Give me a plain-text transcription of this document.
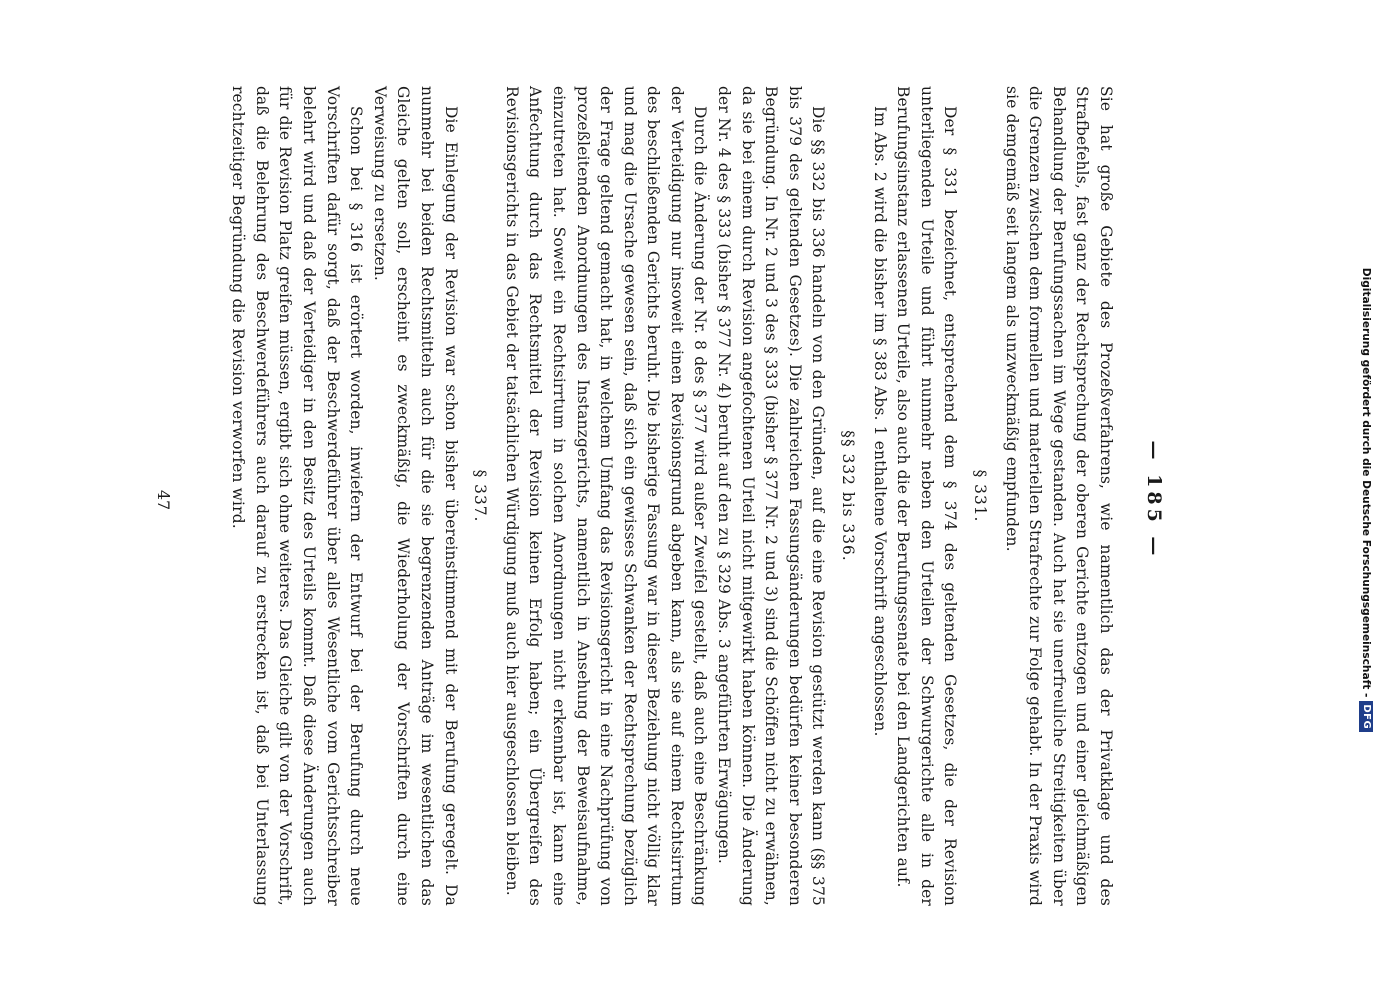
— 185 —

Sie hat große Gebiete des Prozeßverfahrens, wie namentlich das der Privatklage und des Strafbefehls, fast ganz der Rechtsprechung der oberen Gerichte entzogen und einer gleichmäßigen Behandlung der Berufungssachen im Wege gestanden. Auch hat sie unerfreuliche Streitigkeiten über die Grenzen zwischen dem formellen und materiellen Strafrechte zur Folge gehabt. In der Praxis wird sie demgemäß seit langem als unzweckmäßig empfunden.

§ 331.

Der § 331 bezeichnet, entsprechend dem § 374 des geltenden Gesetzes, die der Revision unterliegenden Urteile und führt nunmehr neben den Urteilen der Schwurgerichte alle in der Berufungsinstanz erlassenen Urteile, also auch die der Berufungssenate bei den Landgerichten auf.

Im Abs. 2 wird die bisher im § 383 Abs. 1 enthaltene Vorschrift angeschlossen.

§§ 332 bis 336.

Die §§ 332 bis 336 handeln von den Gründen, auf die eine Revision gestützt werden kann (§§ 375 bis 379 des geltenden Gesetzes). Die zahlreichen Fassungsänderungen bedürfen keiner besonderen Begründung. In Nr. 2 und 3 des § 333 (bisher § 377 Nr. 2 und 3) sind die Schöffen nicht zu erwähnen, da sie bei einem durch Revision angefochtenen Urteil nicht mitgewirkt haben können. Die Änderung der Nr. 4 des § 333 (bisher § 377 Nr. 4) beruht auf den zu § 329 Abs. 3 angeführten Erwägungen.

Durch die Änderung der Nr. 8 des § 377 wird außer Zweifel gestellt, daß auch eine Beschränkung der Verteidigung nur insoweit einen Revisionsgrund abgeben kann, als sie auf einem Rechtsirrtum des beschließenden Gerichts beruht. Die bisherige Fassung war in dieser Beziehung nicht völlig klar und mag die Ursache gewesen sein, daß sich ein gewisses Schwanken der Rechtsprechung bezüglich der Frage geltend gemacht hat, in welchem Umfang das Revisionsgericht in eine Nachprüfung von prozeßleitenden Anordnungen des Instanzgerichts, namentlich in Ansehung der Beweisaufnahme, einzutreten hat. Soweit ein Rechtsirrtum in solchen Anordnungen nicht erkennbar ist, kann eine Anfechtung durch das Rechtsmittel der Revision keinen Erfolg haben; ein Übergreifen des Revisionsgerichts in das Gebiet der tatsächlichen Würdigung muß auch hier ausgeschlossen bleiben.

§ 337.

Die Einlegung der Revision war schon bisher übereinstimmend mit der Berufung geregelt. Da nunmehr bei beiden Rechtsmitteln auch für die sie begrenzenden Anträge im wesentlichen das Gleiche gelten soll, erscheint es zweckmäßig, die Wiederholung der Vorschriften durch eine Verweisung zu ersetzen.

Schon bei § 316 ist erörtert worden, inwiefern der Entwurf bei der Berufung durch neue Vorschriften dafür sorgt, daß der Beschwerdeführer über alles Wesentliche vom Gerichtsschreiber belehrt wird und daß der Verteidiger in den Besitz des Urteils kommt. Daß diese Änderungen auch für die Revision Platz greifen müssen, ergibt sich ohne weiteres. Das Gleiche gilt von der Vorschrift, daß die Belehrung des Beschwerdeführers auch darauf zu erstrecken ist, daß bei Unterlassung rechtzeitiger Begründung die Revision verworfen wird.

47	Digitalisierung gefördert durch die Deutsche Forschungsgemeinschaft -
DFG
